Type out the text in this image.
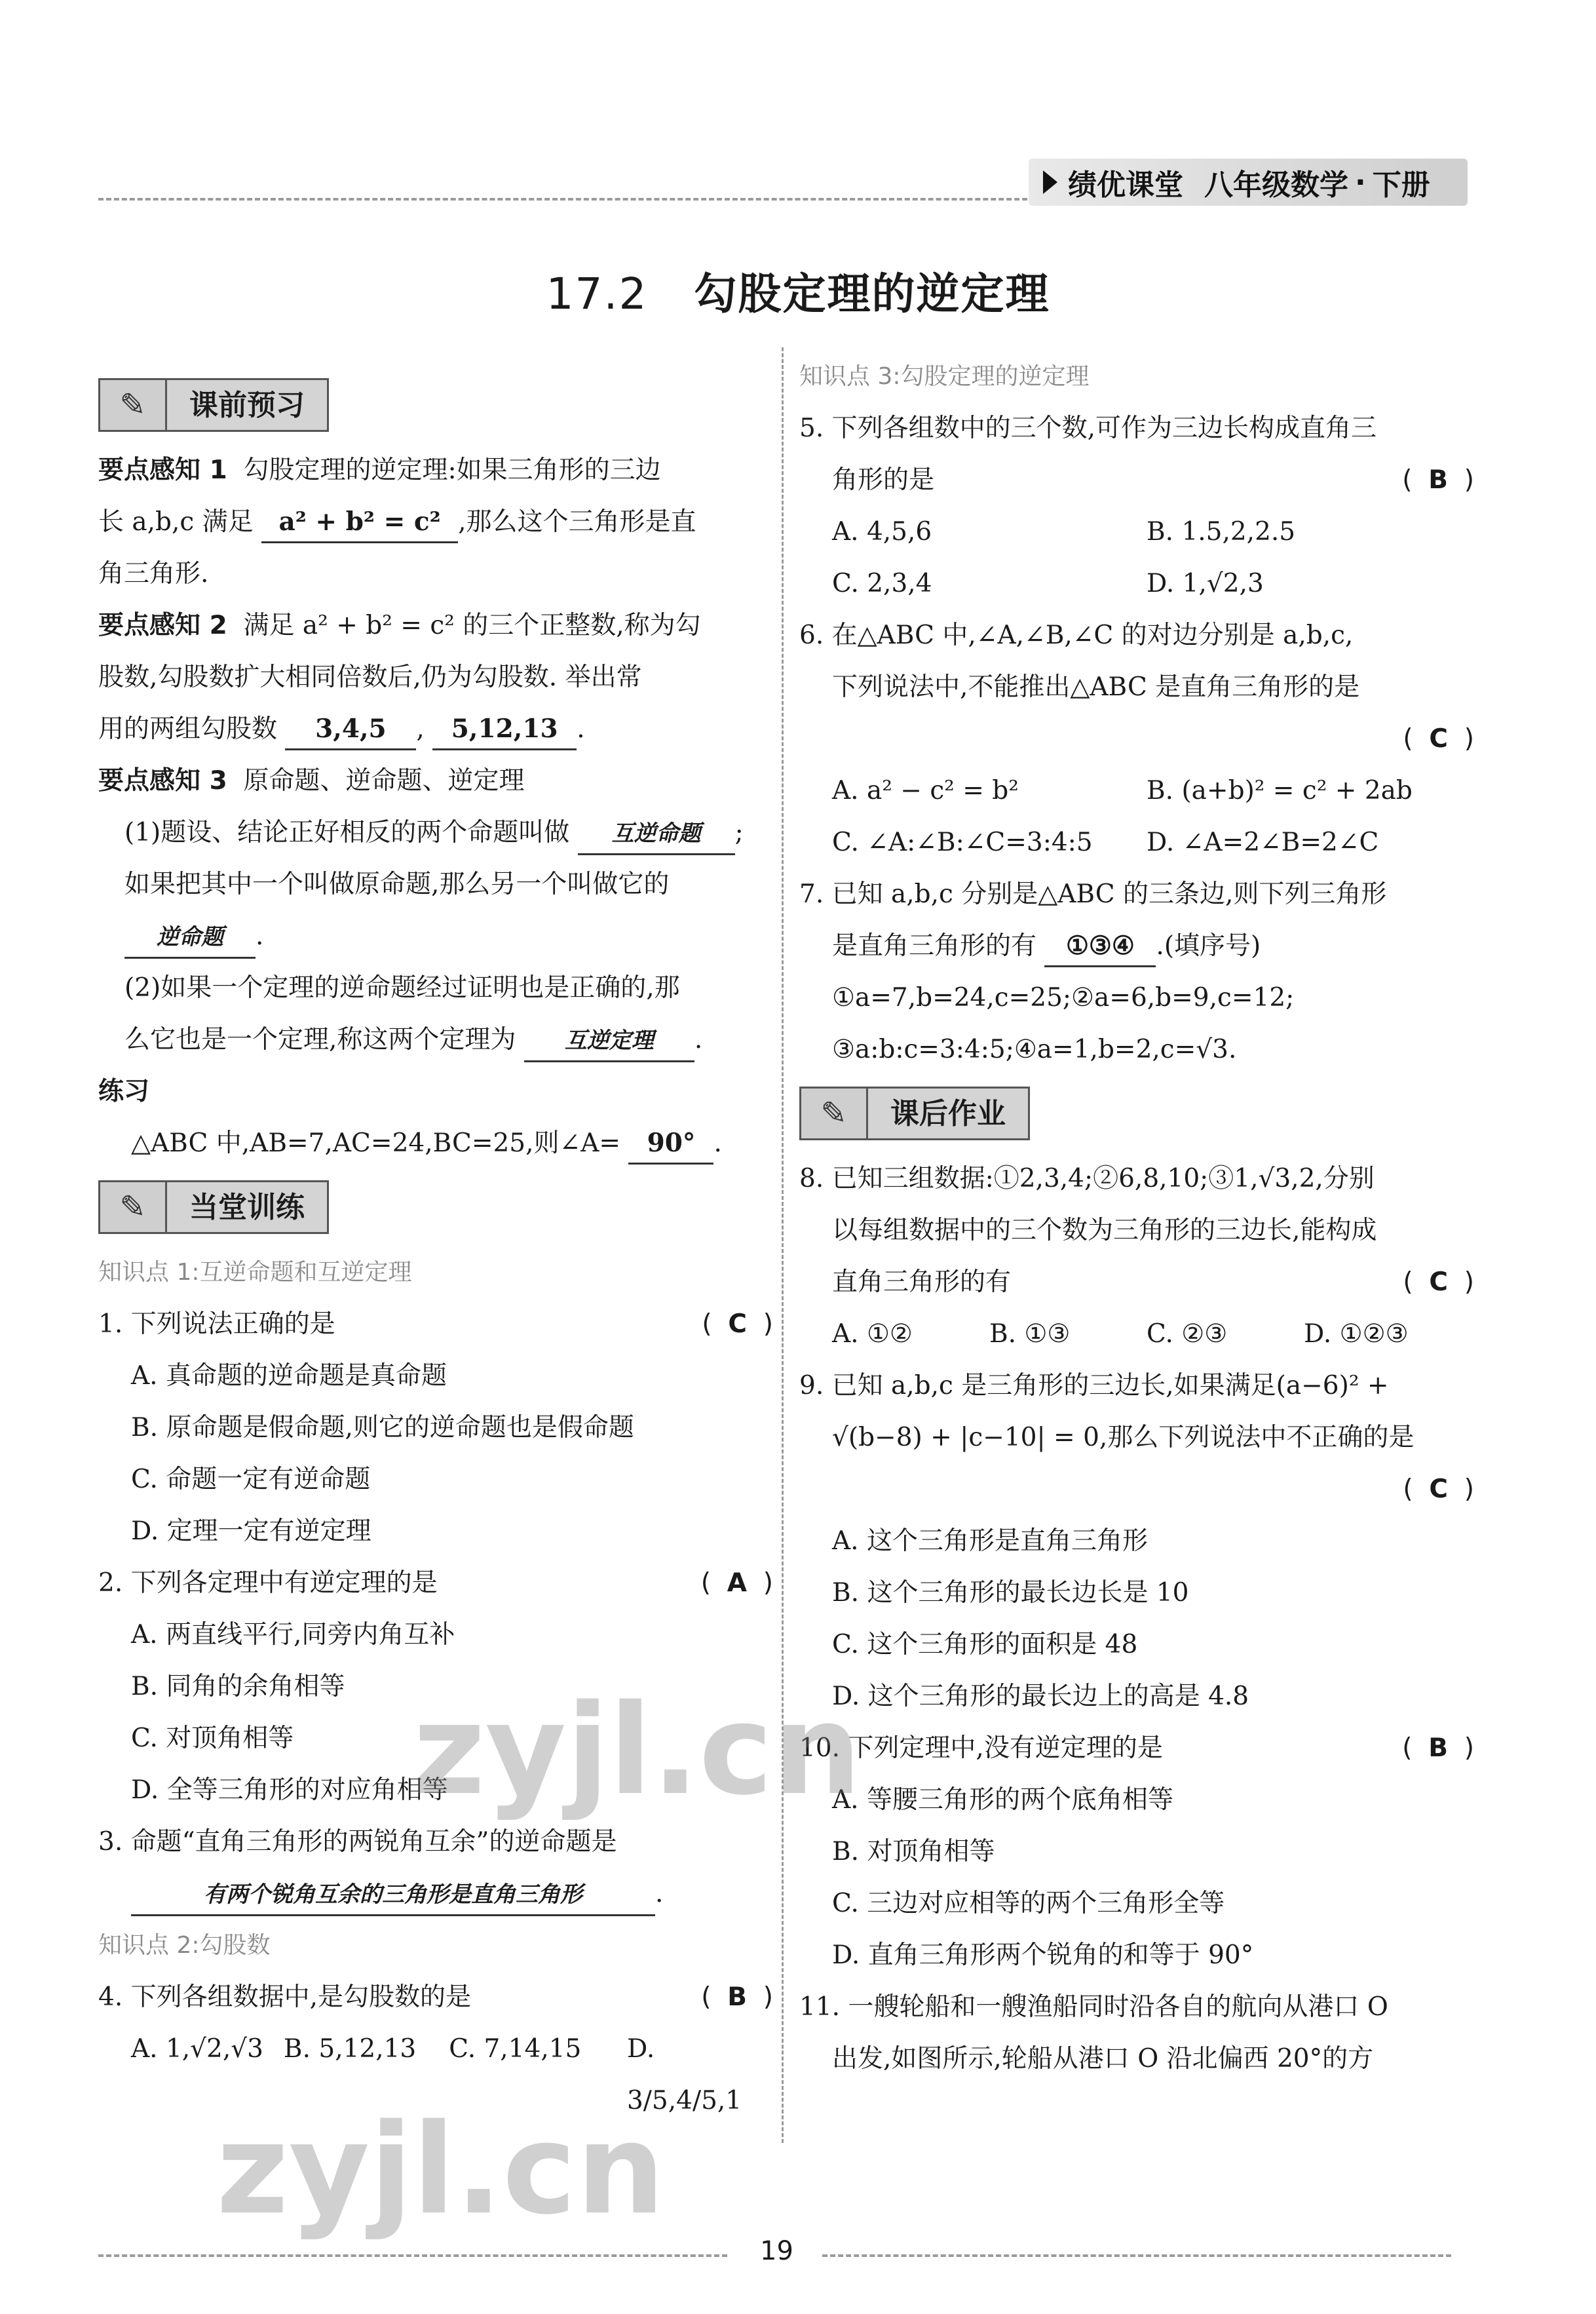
绩优课堂 八年级数学 · 下册
17.2 勾股定理的逆定理
✎	课前预习

要点感知 1 勾股定理的逆定理:如果三角形的三边

长 a,b,c 满足 a² + b² = c² ,那么这个三角形是直

角三角形.

要点感知 2 满足 a² + b² = c² 的三个正整数,称为勾

股数,勾股数扩大相同倍数后,仍为勾股数. 举出常

用的两组勾股数 3,4,5 , 5,12,13 .

要点感知 3 原命题、逆命题、逆定理

(1)题设、结论正好相反的两个命题叫做 互逆命题 ;

如果把其中一个叫做原命题,那么另一个叫做它的

逆命题 .

(2)如果一个定理的逆命题经过证明也是正确的,那

么它也是一个定理,称这两个定理为 互逆定理 .

练习

△ABC 中,AB=7,AC=24,BC=25,则∠A= 90° .

✎	当堂训练

知识点 1:互逆命题和互逆定理

1. 下列说法正确的是	(  C  )

A. 真命题的逆命题是真命题

B. 原命题是假命题,则它的逆命题也是假命题

C. 命题一定有逆命题

D. 定理一定有逆定理

2. 下列各定理中有逆定理的是	(  A  )

A. 两直线平行,同旁内角互补

B. 同角的余角相等

C. 对顶角相等

D. 全等三角形的对应角相等

3. 命题“直角三角形的两锐角互余”的逆命题是

有两个锐角互余的三角形是直角三角形	.

知识点 2:勾股数

4. 下列各组数据中,是勾股数的是	(  B  )
A. 1,√2,√3 B. 5,12,13	C. 7,14,15	D. 3/5,4/5,1

知识点 3:勾股定理的逆定理

5. 下列各组数中的三个数,可作为三边长构成直角三

角形的是	(  B  )
A. 4,5,6	B. 1.5,2,2.5
C. 2,3,4	D. 1,√2,3

6. 在△ABC 中,∠A,∠B,∠C 的对边分别是 a,b,c,

下列说法中,不能推出△ABC 是直角三角形的是

(  C  )

A. a² − c² = b²	B. (a+b)² = c² + 2ab
C. ∠A:∠B:∠C=3:4:5	D. ∠A=2∠B=2∠C

7. 已知 a,b,c 分别是△ABC 的三条边,则下列三角形

是直角三角形的有 ①③④ .(填序号)

①a=7,b=24,c=25;②a=6,b=9,c=12;

③a:b:c=3:4:5;④a=1,b=2,c=√3.

✎	课后作业

8. 已知三组数据:①2,3,4;②6,8,10;③1,√3,2,分别

以每组数据中的三个数为三角形的三边长,能构成

直角三角形的有	(  C  )
A. ①②	B. ①③	C. ②③	D. ①②③

9. 已知 a,b,c 是三角形的三边长,如果满足(a−6)² +

√(b−8) + |c−10| = 0,那么下列说法中不正确的是

(  C  )

A. 这个三角形是直角三角形

B. 这个三角形的最长边长是 10

C. 这个三角形的面积是 48

D. 这个三角形的最长边上的高是 4.8

10. 下列定理中,没有逆定理的是	(  B  )

A. 等腰三角形的两个底角相等

B. 对顶角相等

C. 三边对应相等的两个三角形全等

D. 直角三角形两个锐角的和等于 90°

11. 一艘轮船和一艘渔船同时沿各自的航向从港口 O

出发,如图所示,轮船从港口 O 沿北偏西 20°的方

zyjl.cn
zyjl.cn
19
